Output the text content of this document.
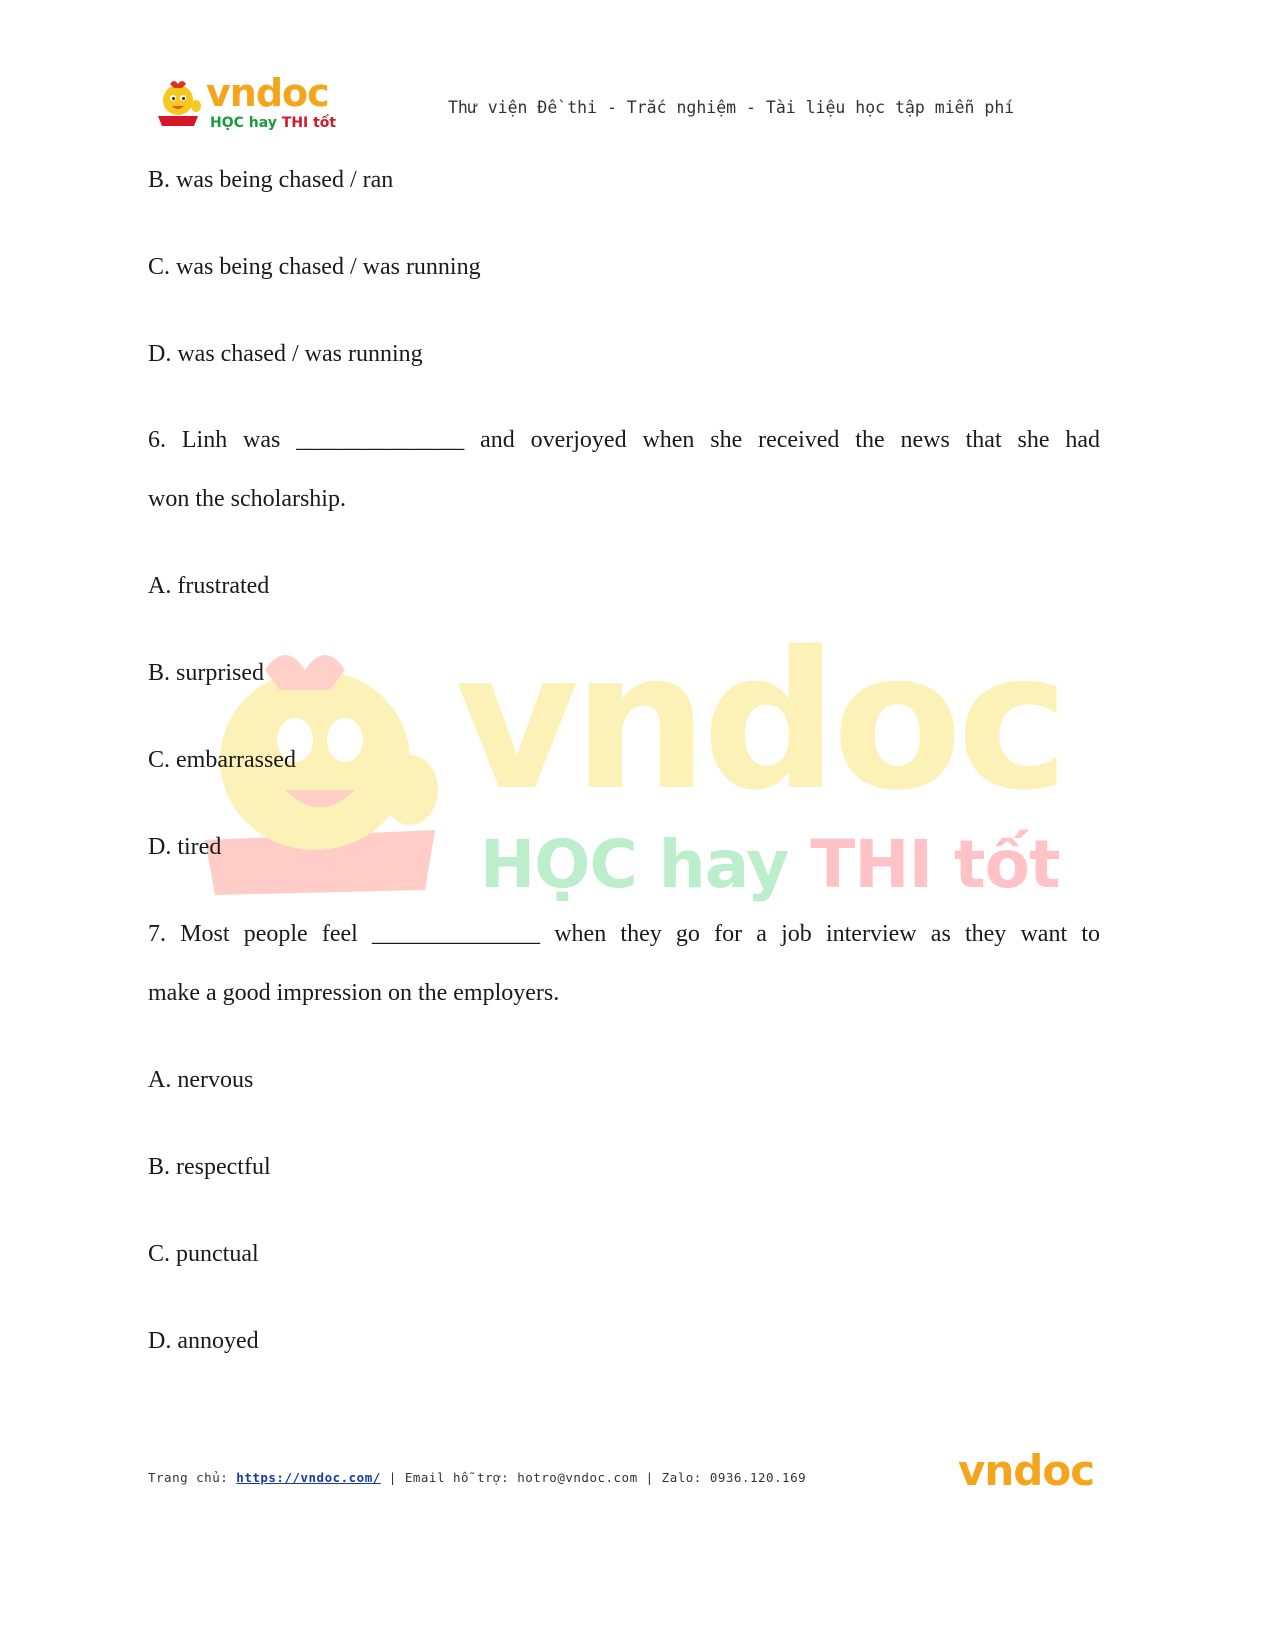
vndoc
HỌC hay THI tốt
Thư viện Đề thi - Trắc nghiệm - Tài liệu học tập miễn phí
vndoc
HỌC hay THI tốt
B. was being chased / ran
C. was being chased / was running
D. was chased / was running
6. Linh was ______________ and overjoyed when she received the news that she had
won the scholarship.
A. frustrated
B. surprised
C. embarrassed
D. tired
7. Most people feel ______________ when they go for a job interview as they want to
make a good impression on the employers.
A. nervous
B. respectful
C. punctual
D. annoyed
Trang chủ: https://vndoc.com/ | Email hỗ trợ: hotro@vndoc.com | Zalo: 0936.120.169	vndoc
